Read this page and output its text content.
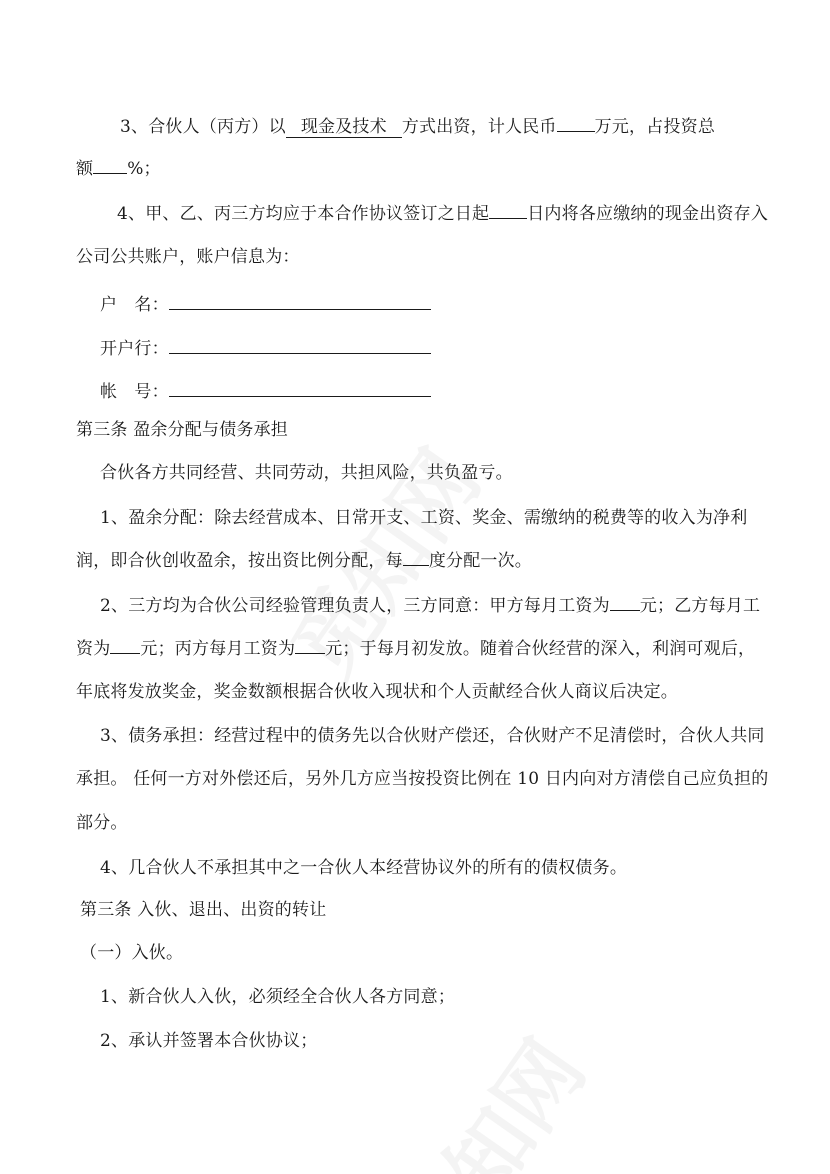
3、合伙人（丙方）以 现金及技术 方式出资，计人民币 万元，占投资总
额 %；
4、甲、乙、丙三方均应于本合作协议签订之日起 日内将各应缴纳的现金出资存入
公司公共账户，账户信息为：
户　名：
开户行：
帐　号：
第三条 盈余分配与债务承担
合伙各方共同经营、共同劳动，共担风险，共负盈亏。
1、盈余分配：除去经营成本、日常开支、工资、奖金、需缴纳的税费等的收入为净利
润，即合伙创收盈余，按出资比例分配，每 度分配一次。
2、三方均为合伙公司经验管理负责人，三方同意：甲方每月工资为 元；乙方每月工
资为 元；丙方每月工资为 元；于每月初发放。随着合伙经营的深入，利润可观后，
年底将发放奖金，奖金数额根据合伙收入现状和个人贡献经合伙人商议后决定。
3、债务承担：经营过程中的债务先以合伙财产偿还，合伙财产不足清偿时，合伙人共同
承担。 任何一方对外偿还后，另外几方应当按投资比例在 10 日内向对方清偿自己应负担的
部分。
4、几合伙人不承担其中之一合伙人本经营协议外的所有的债权债务。
第三条 入伙、退出、出资的转让
（一）入伙。
1、新合伙人入伙，必须经全合伙人各方同意；
2、承认并签署本合伙协议；
